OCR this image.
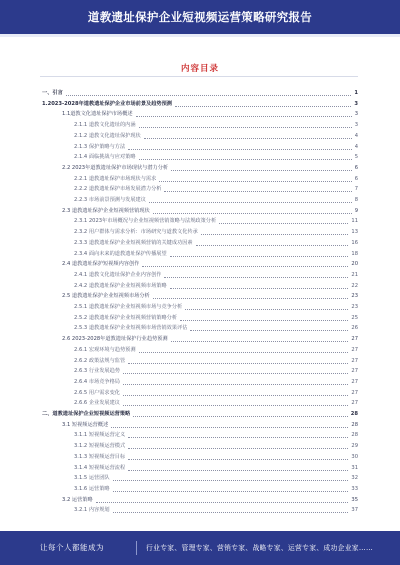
道教遗址保护企业短视频运营策略研究报告
内容目录
一、引言	1
1.2023-2028年道教遗址保护企业市场前景及趋势预测	3
1.1道教文化遗址保护市场概述	3
2.1.1 道教文化遗址的内涵	3
2.1.2 道教文化遗址保护现状	4
2.1.3 保护策略与方法	4
2.1.4 面临挑战与应对策略	5
2.2 2023年道教遗址保护市场现状与潜力分析	6
2.2.1 道教遗址保护市场现状与需求	6
2.2.2 道教遗址保护市场发展潜力分析	7
2.2.3 市场前景预测与发展建议	8
2.3 道教遗址保护企业短视频营销现状	9
2.3.1 2023年市场概况与企业短视频营销策略与法规政策分析	11
2.3.2 用户群体与需求分析：市场研究与道教文化传承	13
2.3.3 道教遗址保护企业短视频营销的关键成功因素	16
2.3.4 面向未来的道教遗址保护传播展望	18
2.4 道教遗址保护短视频内容创作	20
2.4.1 道教文化遗址保护企业内容创作	21
2.4.2 道教遗址保护企业短视频市场策略	22
2.5 道教遗址保护企业短视频市场分析	23
2.5.1 道教遗址保护企业短视频市场与竞争分析	23
2.5.2 道教遗址保护企业短视频营销策略分析	25
2.5.3 道教遗址保护企业短视频市场营销效果评估	26
2.6 2023-2028年道教遗址保护行业趋势预测	27
2.6.1 宏观环境与趋势预测	27
2.6.2 政策法规与监管	27
2.6.3 行业发展趋势	27
2.6.4 市场竞争格局	27
2.6.5 用户需求变化	27
2.6.6 企业发展建议	27
二、道教遗址保护企业短视频运营策略	28
3.1 短视频运营概述	28
3.1.1 短视频运营定义	28
3.1.2 短视频运营模式	29
3.1.3 短视频运营目标	30
3.1.4 短视频运营流程	31
3.1.5 运营团队	32
3.1.6 运营策略	33
3.2 运营策略	35
3.2.1 内容规划	37
让每个人都能成为	行业专家、管理专家、营销专家、战略专家、运营专家、成功企业家……
